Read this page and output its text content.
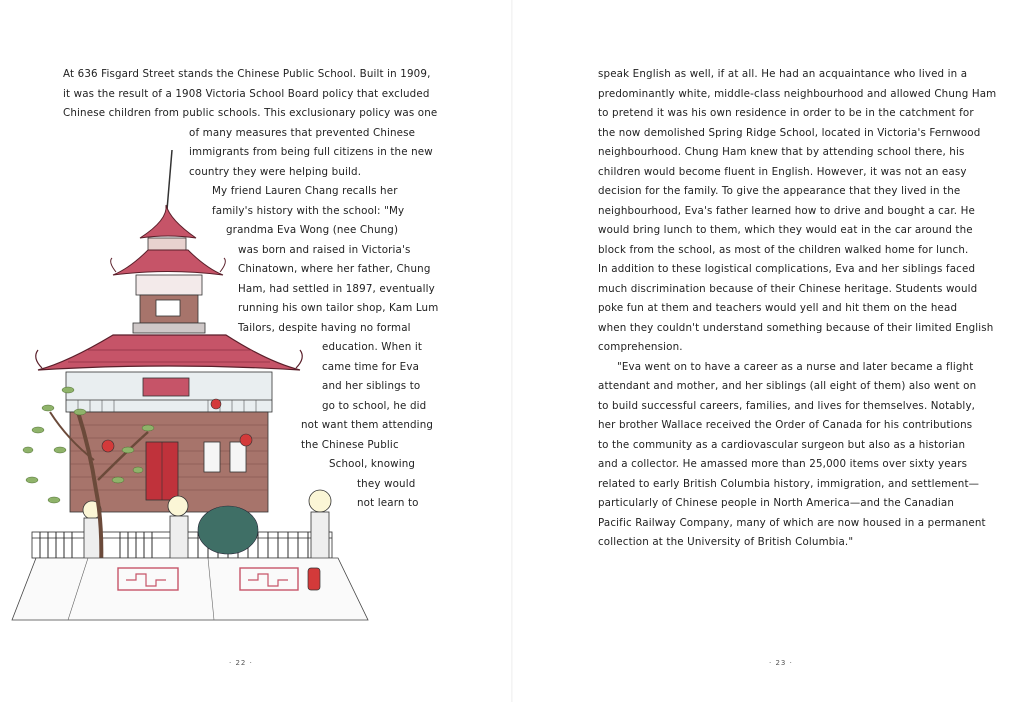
At 636 Fisgard Street stands the Chinese Public School. Built in 1909,
it was the result of a 1908 Victoria School Board policy that excluded
Chinese children from public schools. This exclusionary policy was one
of many measures that prevented Chinese
immigrants from being full citizens in the new
country they were helping build.
My friend Lauren Chang recalls her
family's history with the school: "My
grandma Eva Wong (nee Chung)
was born and raised in Victoria's
Chinatown, where her father, Chung
Ham, had settled in 1897, eventually
running his own tailor shop, Kam Lum
Tailors, despite having no formal
education. When it
came time for Eva
and her siblings to
go to school, he did
not want them attending
the Chinese Public
School, knowing
they would
not learn to
· 22 ·
speak English as well, if at all. He had an acquaintance who lived in a
predominantly white, middle-class neighbourhood and allowed Chung Ham
to pretend it was his own residence in order to be in the catchment for
the now demolished Spring Ridge School, located in Victoria's Fernwood
neighbourhood. Chung Ham knew that by attending school there, his
children would become fluent in English. However, it was not an easy
decision for the family. To give the appearance that they lived in the
neighbourhood, Eva's father learned how to drive and bought a car. He
would bring lunch to them, which they would eat in the car around the
block from the school, as most of the children walked home for lunch.
In addition to these logistical complications, Eva and her siblings faced
much discrimination because of their Chinese heritage. Students would
poke fun at them and teachers would yell and hit them on the head
when they couldn't understand something because of their limited English
comprehension.
"Eva went on to have a career as a nurse and later became a flight
attendant and mother, and her siblings (all eight of them) also went on
to build successful careers, families, and lives for themselves. Notably,
her brother Wallace received the Order of Canada for his contributions
to the community as a cardiovascular surgeon but also as a historian
and a collector. He amassed more than 25,000 items over sixty years
related to early British Columbia history, immigration, and settlement—
particularly of Chinese people in North America—and the Canadian
Pacific Railway Company, many of which are now housed in a permanent
collection at the University of British Columbia."
· 23 ·
